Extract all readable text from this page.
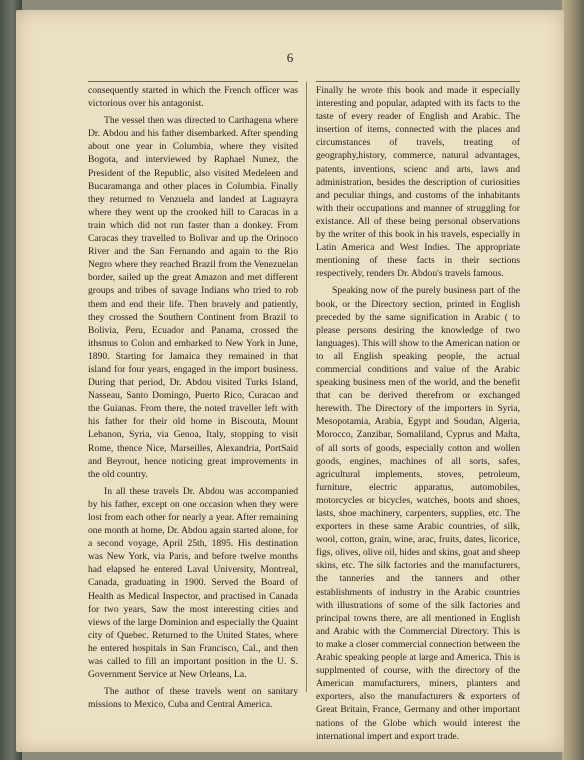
6

consequently started in which the French officer was victorious over his antagonist.

The vessel then was directed to Carthagena where Dr. Abdou and his father disembarked. After spending about one year in Columbia, where they visited Bogota, and interviewed by Raphael Nunez, the President of the Republic, also visited Medeleen and Bucaramanga and other places in Columbia. Finally they returned to Venzuela and landed at Laguayra where they went up the crooked hill to Caracas in a train which did not run faster than a donkey. From Caracas they travelled to Bolivar and up the Orinoco River and the San Fernando and again to the Rio Negro where they reached Brazil from the Venezuelan border, sailed up the great Amazon and met different groups and tribes of savage Indians who tried to rob them and end their life. Then bravely and patiently, they crossed the Southern Continent from Brazil to Bolivia, Peru, Ecuador and Panama, crossed the ithsmus to Colon and embarked to New York in June, 1890. Starting for Jamaica they remained in that island for four years, engaged in the import business. During that period, Dr. Abdou visited Turks Island, Nasseau, Santo Domingo, Puerto Rico, Curacao and the Guianas. From there, the noted traveller left with his father for their old home in Biscouta, Mount Lebanon, Syria, via Genoa, Italy, stopping to visit Rome, thence Nice, Marseilles, Alexandria, PortSaid and Beyrout, hence noticing great improvements in the old country.

In all these travels Dr. Abdou was accompanied by his father, except on one occasion when they were lost from each other for nearly a year. After remaining one month at home, Dr. Abdou again started alone, for a second voyage, April 25th, 1895. His destination was New York, via Paris, and before twelve months had elapsed he entered Laval University, Montreal, Canada, graduating in 1900. Served the Board of Health as Medical Inspector, and practised in Canada for two years, Saw the most interesting cities and views of the large Dominion and especially the Quaint city of Quebec. Returned to the United States, where he entered hospitals in San Francisco, Cal., and then was called to fill an important position in the U. S. Government Service at New Orleans, La.

The author of these travels went on sanitary missions to Mexico, Cuba and Central America.

Finally he wrote this book and made it especially interesting and popular, adapted with its facts to the taste of every reader of English and Arabic. The insertion of items, connected with the places and circumstances of travels, treating of geography,history, commerce, natural advantages, patents, inventions, scienc and arts, laws and administration, besides the description of curiosities and peculiar things, and customs of the inhabitants with their occupations and manner of struggling for existance. All of these being personal observations by the writer of this book in his travels, especially in Latin America and West Indies. The appropriate mentioning of these facts in their sections respectively, renders Dr. Abdou's travels famous.

Speaking now of the purely business part of the book, or the Directory section, printed in English preceded by the same signification in Arabic ( to please persons desiring the knowledge of two languages). This will show to the American nation or to all English speaking people, the actual commercial conditions and value of the Arabic speaking business men of the world, and the benefit that can be derived therefrom or exchanged herewith. The Directory of the importers in Syria, Mesopotamia, Arabia, Egypt and Soudan, Algeria, Morocco, Zanzibar, Somaliland, Cyprus and Malta, of all sorts of goods, especially cotton and wollen goods, engines, machines of all sorts, safes, agricultural implements, stoves, petroleum, furniture, electric apparatus, automobiles, motorcycles or bicycles, watches, boots and shoes, lasts, shoe machinery, carpenters, supplies, etc. The exporters in these same Arabic countries, of silk, wool, cotton, grain, wine, arac, fruits, dates, licorice, figs, olives, olive oil, hides and skins, goat and sheep skins, etc. The silk factories and the manufacturers, the tanneries and the tanners and other establishments of industry in the Arabic countries with illustrations of some of the silk factories and principal towns there, are all mentioned in English and Arabic with the Commercial Directory. This is to make a closer commercial connection between the Arabic speaking people at large and America. This is supplmented of course, with the directory of the American manufacturers, miners, planters and exporters, also the manufacturers & exporters of Great Britain, France, Germany and other important nations of the Globe which would interest the international impert and export trade.
